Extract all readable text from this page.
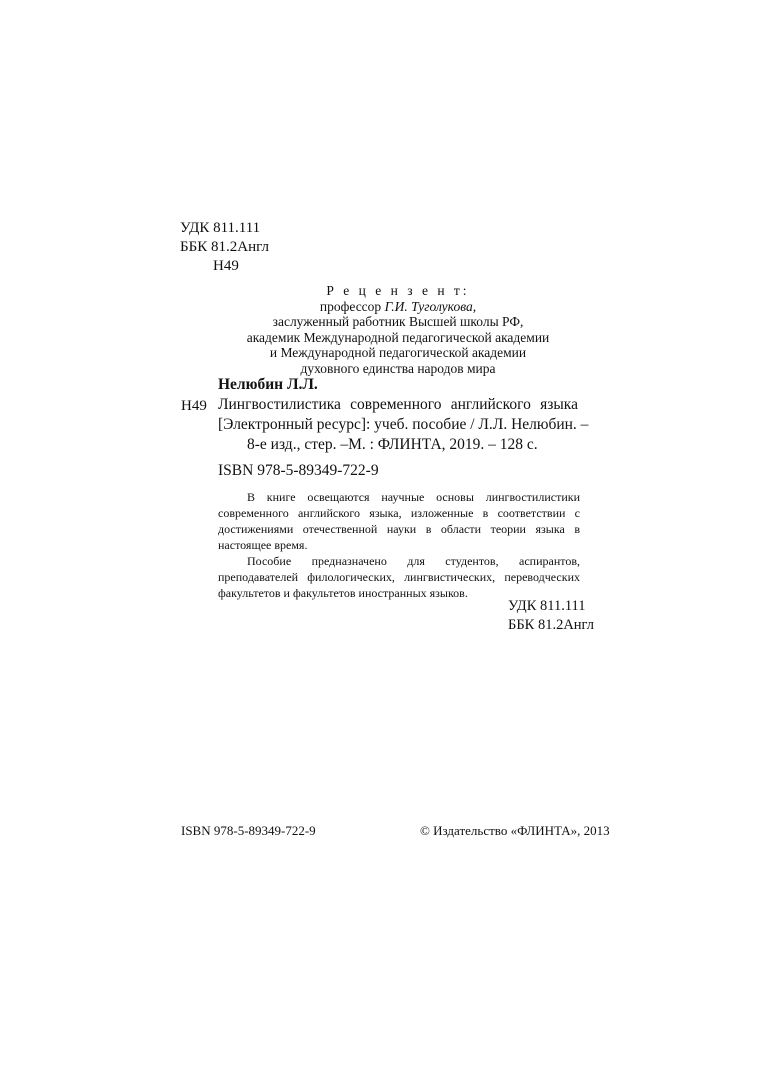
УДК 811.111
ББК 81.2Англ
Н49
Р е ц е н з е н т:
профессор Г.И. Туголукова,
заслуженный работник Высшей школы РФ,
академик Международной педагогической академии
и Международной педагогической академии
духовного единства народов мира
Нелюбин Л.Л.
Н49 Лингвостилистика современного английского языка
[Электронный ресурс]: учеб. пособие / Л.Л. Нелюбин. –
8-е изд., стер. –М. : ФЛИНТА, 2019. – 128 с.
ISBN 978-5-89349-722-9

В книге освещаются научные основы лингвостилистики современного английского языка, изложенные в соответствии с достижениями отечественной науки в области теории языка в настоящее время.

Пособие предназначено для студентов, аспирантов, преподавателей филологических, лингвистических, переводческих факультетов и факультетов иностранных языков.

УДК 811.111
ББК 81.2Англ
ISBN 978-5-89349-722-9	© Издательство «ФЛИНТА», 2013
